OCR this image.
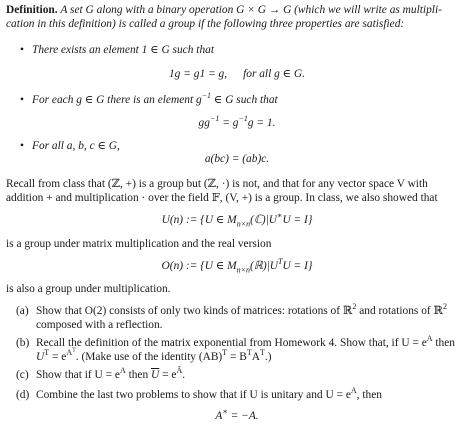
Definition. A set G along with a binary operation G × G → G (which we will write as multipli-
cation in this definition) is called a group if the following three properties are satisfied:

• There exists an element 1 ∈ G such that
1g = g1 = g, for all g ∈ G.
• For each g ∈ G there is an element $g^{-1}$ ∈ G such that
$gg^{-1} = g^{-1}g = 1$.
• For all a, b, c ∈ G,
a(bc) = (ab)c.

Recall from class that (ℤ, +) is a group but (ℤ, ·) is not, and that for any vector space V with
addition + and multiplication · over the field 𝔽, (V, +) is a group. In class, we also showed that

U(n) := {U ∈ $M_{n\times n}(ℂ)|U^∗U = I$}

is a group under matrix multiplication and the real version

O(n) := {U ∈ $M_{n\times n}(ℝ)|U^TU = I$}

is also a group under multiplication.

(a) Show that O(2) consists of only two kinds of matrices: rotations of ℝ$^2$ and rotations of ℝ$^2$
composed with a reflection.
(b) Recall the definition of the matrix exponential from Homework 4. Show that, if $U = e^A$ then
$U^T = e^{A^T}$. (Make use of the identity $(AB)^T = B^TA^T$.)
(c) Show that if $U = e^A$ then $\overline{U} = e^Ā$.
(d) Combine the last two problems to show that if U is unitary and $U = e^A$, then
A∗ = −A.
